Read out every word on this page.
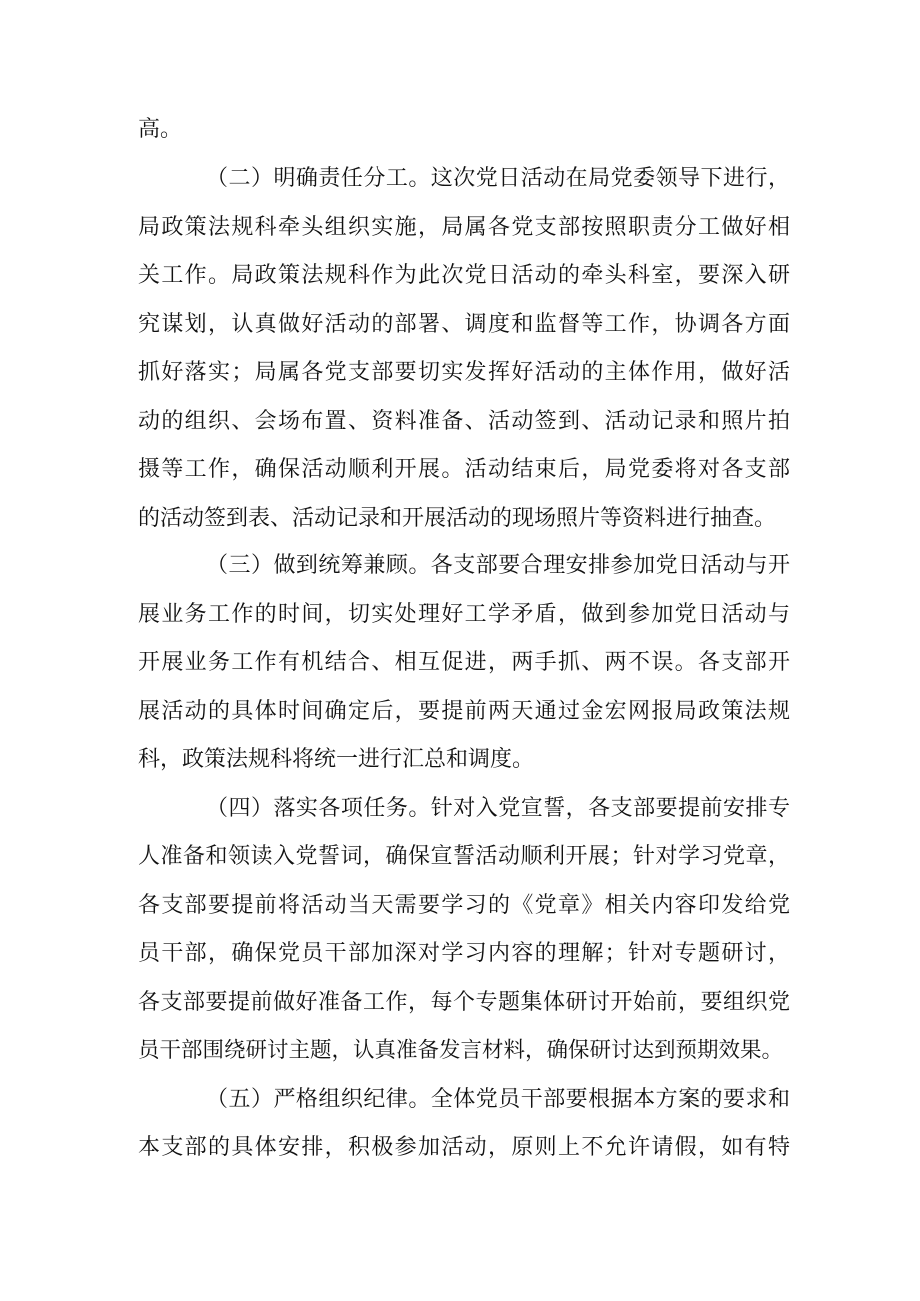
高。
（二）明确责任分工。这次党日活动在局党委领导下进行，
局政策法规科牵头组织实施，局属各党支部按照职责分工做好相
关工作。局政策法规科作为此次党日活动的牵头科室，要深入研
究谋划，认真做好活动的部署、调度和监督等工作，协调各方面
抓好落实；局属各党支部要切实发挥好活动的主体作用，做好活
动的组织、会场布置、资料准备、活动签到、活动记录和照片拍
摄等工作，确保活动顺利开展。活动结束后，局党委将对各支部
的活动签到表、活动记录和开展活动的现场照片等资料进行抽查。
（三）做到统筹兼顾。各支部要合理安排参加党日活动与开
展业务工作的时间，切实处理好工学矛盾，做到参加党日活动与
开展业务工作有机结合、相互促进，两手抓、两不误。各支部开
展活动的具体时间确定后，要提前两天通过金宏网报局政策法规
科，政策法规科将统一进行汇总和调度。
（四）落实各项任务。针对入党宣誓，各支部要提前安排专
人准备和领读入党誓词，确保宣誓活动顺利开展；针对学习党章，
各支部要提前将活动当天需要学习的《党章》相关内容印发给党
员干部，确保党员干部加深对学习内容的理解；针对专题研讨，
各支部要提前做好准备工作，每个专题集体研讨开始前，要组织党
员干部围绕研讨主题，认真准备发言材料，确保研讨达到预期效果。
（五）严格组织纪律。全体党员干部要根据本方案的要求和
本支部的具体安排，积极参加活动，原则上不允许请假，如有特
